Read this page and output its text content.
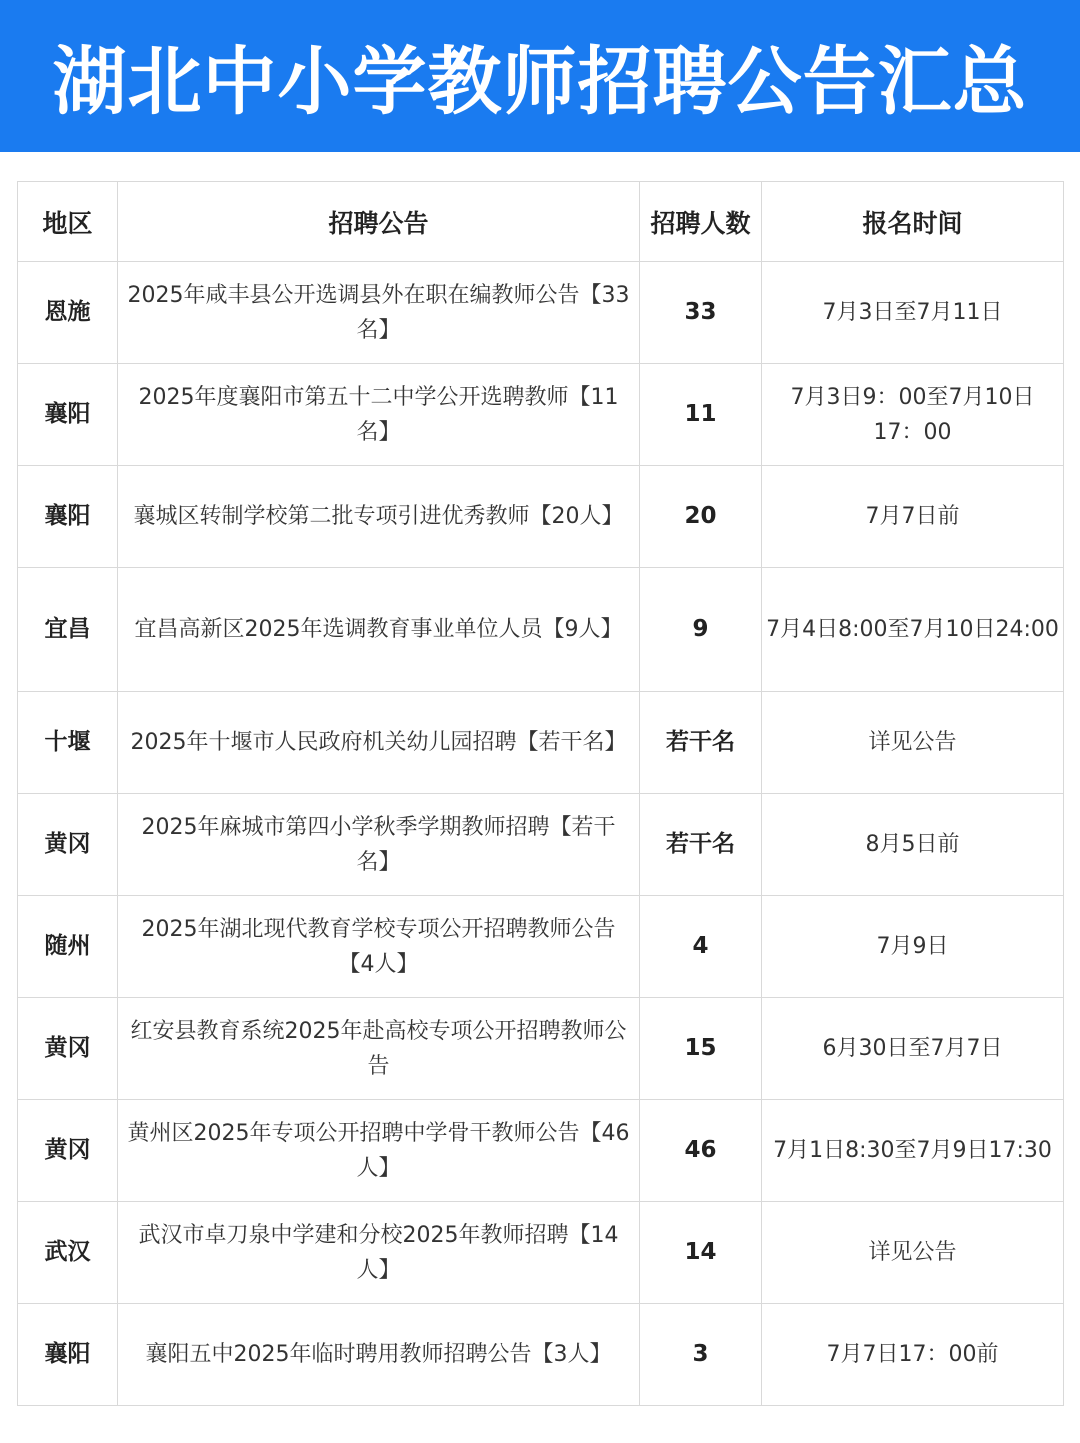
湖北中小学教师招聘公告汇总
地区	招聘公告	招聘人数	报名时间
恩施	2025年咸丰县公开选调县外在职在编教师公告【33名】	33	7月3日至7月11日
襄阳	2025年度襄阳市第五十二中学公开选聘教师【11名】	11	7月3日9：00至7月10日17：00
襄阳	襄城区转制学校第二批专项引进优秀教师【20人】	20	7月7日前
宜昌	宜昌高新区2025年选调教育事业单位人员【9人】	9	7月4日8:00至7月10日24:00
十堰	2025年十堰市人民政府机关幼儿园招聘【若干名】	若干名	详见公告
黄冈	2025年麻城市第四小学秋季学期教师招聘【若干名】	若干名	8月5日前
随州	2025年湖北现代教育学校专项公开招聘教师公告【4人】	4	7月9日
黄冈	红安县教育系统2025年赴高校专项公开招聘教师公告	15	6月30日至7月7日
黄冈	黄州区2025年专项公开招聘中学骨干教师公告【46人】	46	7月1日8:30至7月9日17:30
武汉	武汉市卓刀泉中学建和分校2025年教师招聘【14人】	14	详见公告
襄阳	襄阳五中2025年临时聘用教师招聘公告【3人】	3	7月7日17：00前
